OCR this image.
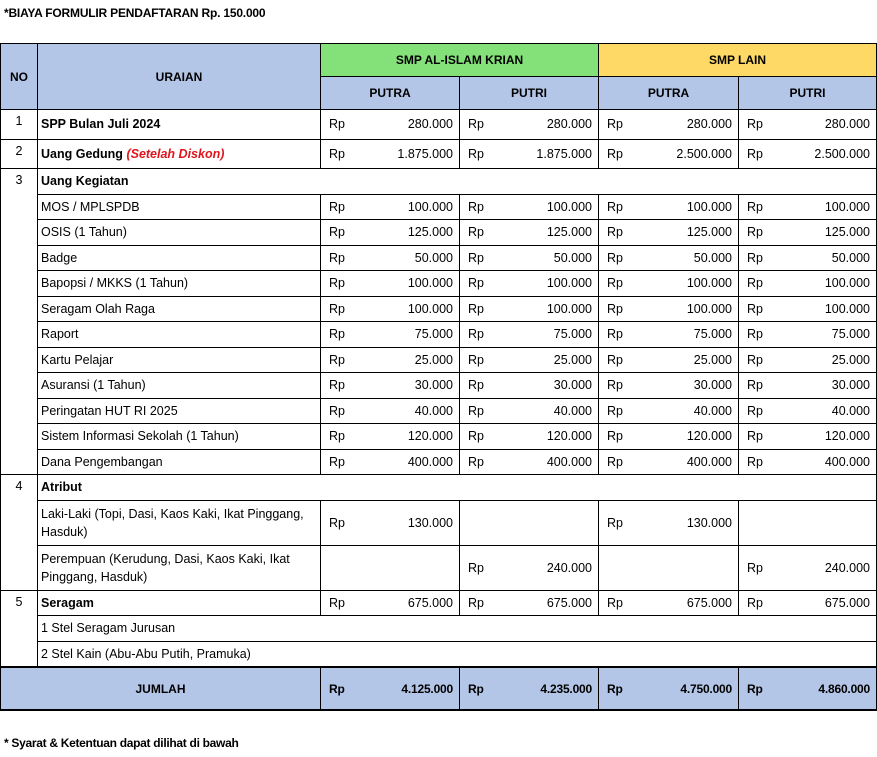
*BIAYA FORMULIR PENDAFTARAN Rp. 150.000
NO	URAIAN	SMP AL-ISLAM KRIAN		SMP LAIN	
		PUTRA	PUTRI	PUTRA	PUTRI
1	SPP Bulan Juli 2024	Rp 280.000	Rp 280.000	Rp 280.000	Rp 280.000

2	Uang Gedung (Setelah Diskon)	Rp 1.875.000	Rp 1.875.000	Rp 2.500.000	Rp 2.500.000

3	Uang Kegiatan				
	MOS / MPLSPDB	Rp 100.000	Rp 100.000	Rp 100.000	Rp 100.000

	OSIS (1 Tahun)	Rp 125.000	Rp 125.000	Rp 125.000	Rp 125.000

	Badge	Rp 50.000	Rp 50.000	Rp 50.000	Rp 50.000

	Bapopsi / MKKS (1 Tahun)	Rp 100.000	Rp 100.000	Rp 100.000	Rp 100.000

	Seragam Olah Raga	Rp 100.000	Rp 100.000	Rp 100.000	Rp 100.000

	Raport	Rp 75.000	Rp 75.000	Rp 75.000	Rp 75.000

	Kartu Pelajar	Rp 25.000	Rp 25.000	Rp 25.000	Rp 25.000

	Asuransi (1 Tahun)	Rp 30.000	Rp 30.000	Rp 30.000	Rp 30.000

	Peringatan HUT RI 2025	Rp 40.000	Rp 40.000	Rp 40.000	Rp 40.000

	Sistem Informasi Sekolah (1 Tahun)	Rp 120.000	Rp 120.000	Rp 120.000	Rp 120.000

	Dana Pengembangan	Rp 400.000	Rp 400.000	Rp 400.000	Rp 400.000

4	Atribut				
	Laki-Laki (Topi, Dasi, Kaos Kaki, Ikat Pinggang, Hasduk)	Rp 130.000		Rp 130.000	

	Perempuan (Kerudung, Dasi, Kaos Kaki, Ikat Pinggang, Hasduk)		Rp 240.000		Rp 240.000

5	Seragam	Rp 675.000	Rp 675.000	Rp 675.000	Rp 675.000

	1 Stel Seragam Jurusan				
	2 Stel Kain (Abu-Abu Putih, Pramuka)				
JUMLAH		Rp 4.125.000	Rp 4.235.000	Rp 4.750.000	Rp 4.860.000
* Syarat & Ketentuan dapat dilihat di bawah
